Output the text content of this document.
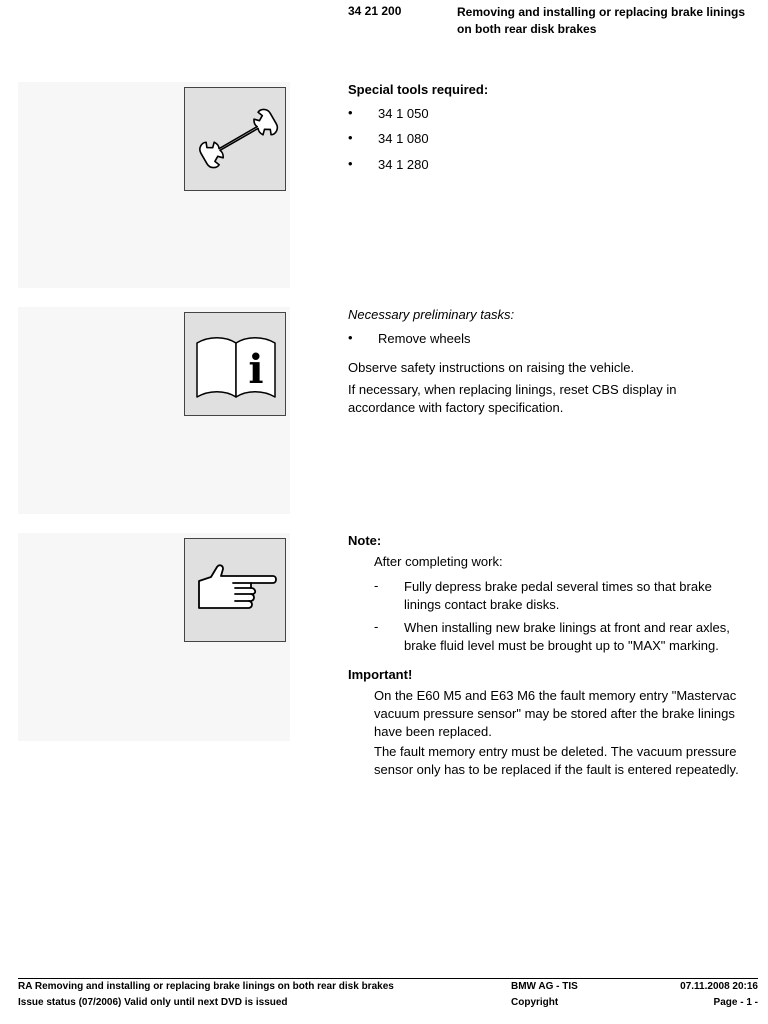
34 21 200	Removing and installing or replacing brake linings on both rear disk brakes
Special tools required:
• 34 1 050
• 34 1 080
• 34 1 280
i
Necessary preliminary tasks:
• Remove wheels
Observe safety instructions on raising the vehicle.
If necessary, when replacing linings, reset CBS display in accordance with factory specification.
Note:
After completing work:
- Fully depress brake pedal several times so that brake linings contact brake disks.
- When installing new brake linings at front and rear axles, brake fluid level must be brought up to "MAX" marking.
Important!
On the E60 M5 and E63 M6 the fault memory entry "Mastervac vacuum pressure sensor" may be stored after the brake linings have been replaced.
The fault memory entry must be deleted. The vacuum pressure sensor only has to be replaced if the fault is entered repeatedly.
RA Removing and installing or replacing brake linings on both rear disk brakes
Issue status (07/2006) Valid only until next DVD is issued
BMW AG - TIS
Copyright
07.11.2008 20:16
Page - 1 -
